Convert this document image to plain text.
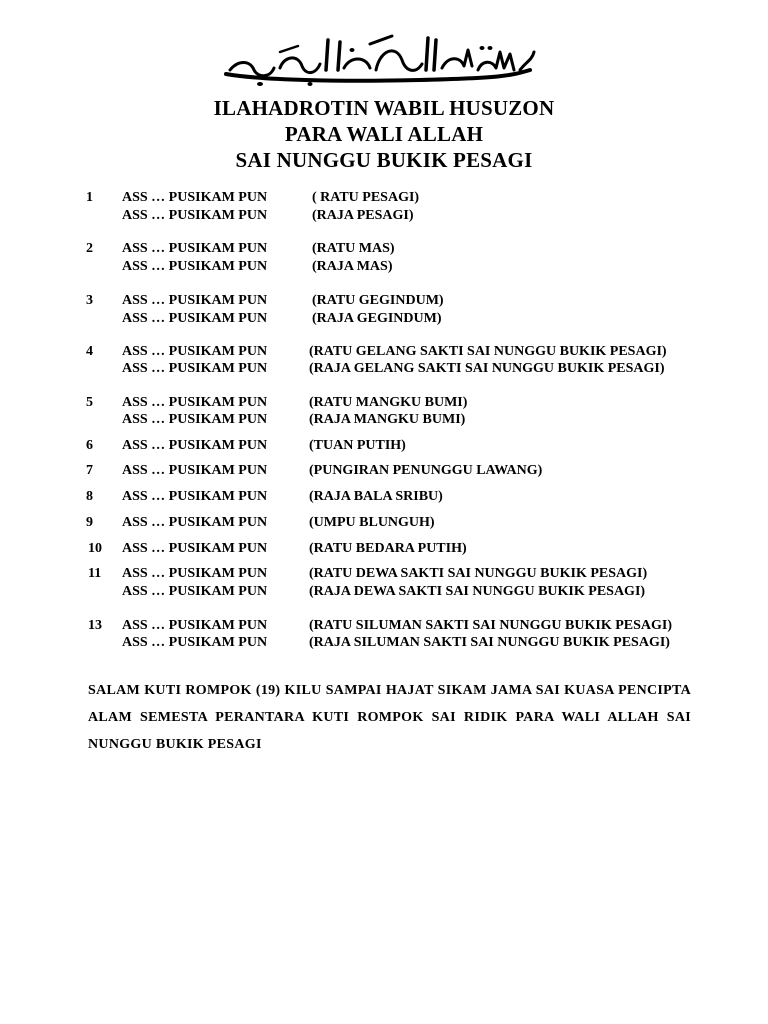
ILAHADROTIN WABIL HUSUZON
PARA WALI ALLAH
SAI NUNGGU BUKIK PESAGI
1	ASS … PUSIKAM PUN	( RATU PESAGI)
ASS … PUSIKAM PUN	(RAJA PESAGI)
2	ASS … PUSIKAM PUN	(RATU MAS)
ASS … PUSIKAM PUN	(RAJA MAS)
3	ASS … PUSIKAM PUN	(RATU GEGINDUM)
ASS … PUSIKAM PUN	(RAJA GEGINDUM)
4	ASS … PUSIKAM PUN	(RATU GELANG SAKTI SAI NUNGGU BUKIK PESAGI)
ASS … PUSIKAM PUN	(RAJA GELANG SAKTI SAI NUNGGU BUKIK PESAGI)
5	ASS … PUSIKAM PUN	(RATU MANGKU BUMI)
ASS … PUSIKAM PUN	(RAJA MANGKU BUMI)
6	ASS … PUSIKAM PUN	(TUAN PUTIH)
7	ASS … PUSIKAM PUN	(PUNGIRAN PENUNGGU LAWANG)
8	ASS … PUSIKAM PUN	(RAJA BALA SRIBU)
9	ASS … PUSIKAM PUN	(UMPU BLUNGUH)
10	ASS … PUSIKAM PUN	(RATU BEDARA PUTIH)
11	ASS … PUSIKAM PUN	(RATU DEWA SAKTI SAI NUNGGU BUKIK PESAGI)
ASS … PUSIKAM PUN	(RAJA DEWA SAKTI SAI NUNGGU BUKIK PESAGI)
13	ASS … PUSIKAM PUN	(RATU SILUMAN SAKTI SAI NUNGGU BUKIK PESAGI)
ASS … PUSIKAM PUN	(RAJA SILUMAN SAKTI SAI NUNGGU BUKIK PESAGI)
SALAM KUTI ROMPOK (19) KILU SAMPAI HAJAT SIKAM JAMA SAI KUASA PENCIPTA ALAM SEMESTA PERANTARA KUTI ROMPOK SAI RIDIK PARA WALI ALLAH SAI NUNGGU BUKIK PESAGI
